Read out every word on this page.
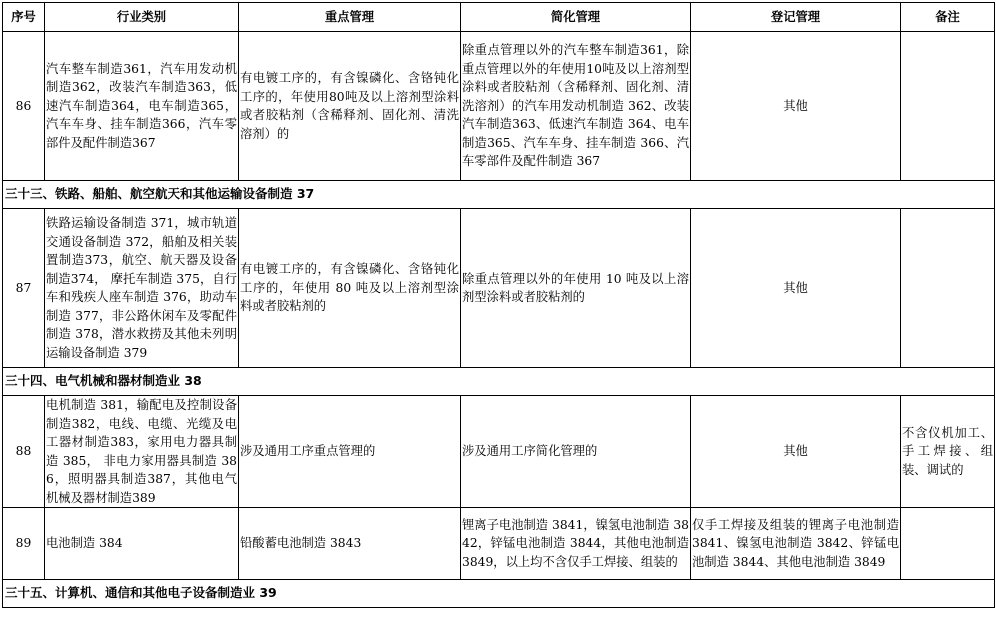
序号	行业类别	重点管理	简化管理	登记管理	备注
86	汽车整车制造361，汽车用发动机制造362，改装汽车制造363，低速汽车制造364，电车制造365，汽车车身、挂车制造366，汽车零部件及配件制造367	有电镀工序的，有含镍磷化、含铬钝化工序的，年使用80吨及以上溶剂型涂料或者胶粘剂（含稀释剂、固化剂、清洗溶剂）的	除重点管理以外的汽车整车制造361，除重点管理以外的年使用10吨及以上溶剂型涂料或者胶粘剂（含稀释剂、固化剂、清洗溶剂）的汽车用发动机制造 362、改装汽车制造363、低速汽车制造 364、电车制造365、汽车车身、挂车制造 366、汽车零部件及配件制造 367	其他	
三十三、铁路、船舶、航空航天和其他运输设备制造 37					
87	铁路运输设备制造 371，城市轨道交通设备制造 372，船舶及相关装置制造373，航空、航天器及设备制造374， 摩托车制造 375，自行车和残疾人座车制造 376，助动车制造 377，非公路休闲车及零配件制造 378，潜水救捞及其他未列明运输设备制造 379	有电镀工序的，有含镍磷化、含铬钝化工序的，年使用 80 吨及以上溶剂型涂料或者胶粘剂的	除重点管理以外的年使用 10 吨及以上溶剂型涂料或者胶粘剂的	其他	
三十四、电气机械和器材制造业 38					
88	电机制造 381，输配电及控制设备制造382，电线、电缆、光缆及电工器材制造383，家用电力器具制造 385， 非电力家用器具制造 386，照明器具制造387，其他电气机械及器材制造389	涉及通用工序重点管理的	涉及通用工序简化管理的	其他	不含仪机加工、手工焊接、组装、调试的
89	电池制造 384	铅酸蓄电池制造 3843	锂离子电池制造 3841，镍氢电池制造 3842，锌锰电池制造 3844，其他电池制造 3849，以上均不含仅手工焊接、组装的	仅手工焊接及组装的锂离子电池制造 3841、镍氢电池制造 3842、锌锰电池制造 3844、其他电池制造 3849	
三十五、计算机、通信和其他电子设备制造业 39					
